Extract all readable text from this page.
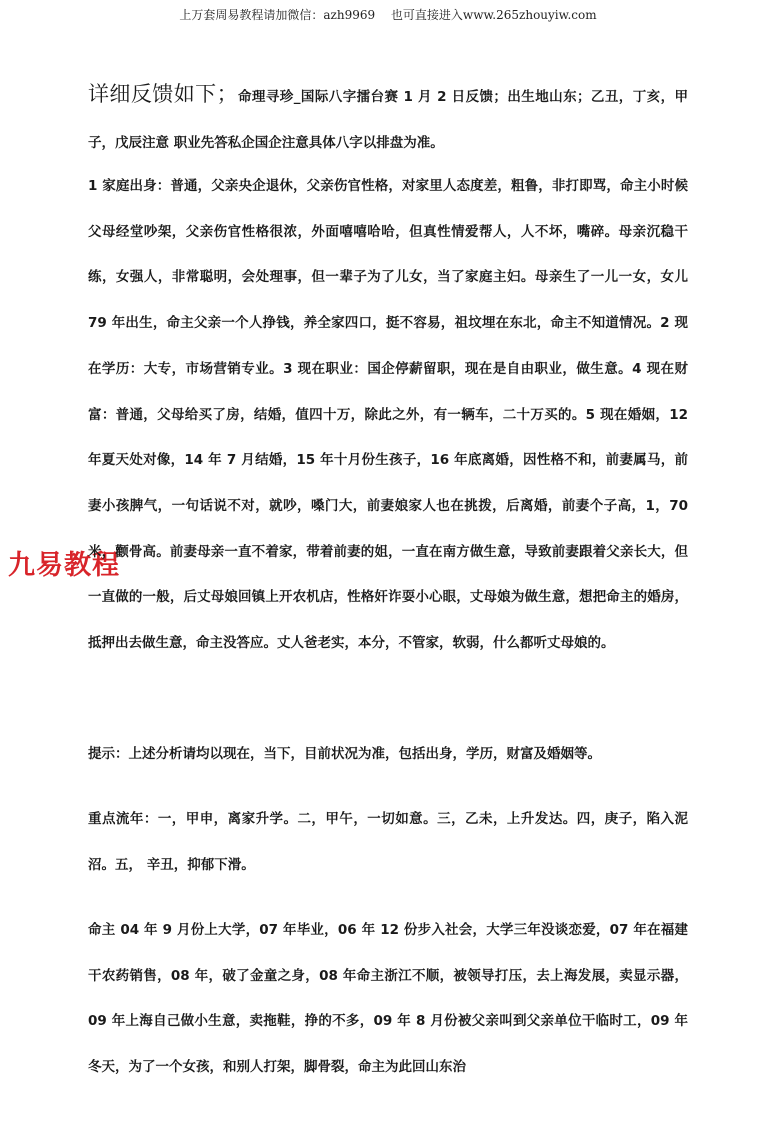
上万套周易教程请加微信：azh9969　 也可直接进入www.265zhouyiw.com
九易教程

详细反馈如下；命理寻珍_国际八字擂台赛 1 月 2 日反馈；出生地山东；乙丑，丁亥，甲子，戊辰注意 职业先答私企国企注意具体八字以排盘为准。

1 家庭出身：普通，父亲央企退休，父亲伤官性格，对家里人态度差，粗鲁，非打即骂，命主小时候父母经堂吵架，父亲伤官性格很浓，外面嘻嘻哈哈，但真性情爱帮人，人不坏，嘴碎。母亲沉稳干练，女强人，非常聪明，会处理事，但一辈子为了儿女，当了家庭主妇。母亲生了一儿一女，女儿 79 年出生，命主父亲一个人挣钱，养全家四口，挺不容易，祖坟埋在东北，命主不知道情况。2 现在学历：大专，市场营销专业。3 现在职业：国企停薪留职，现在是自由职业，做生意。4 现在财富：普通，父母给买了房，结婚，值四十万，除此之外，有一辆车，二十万买的。5 现在婚姻，12 年夏天处对像，14 年 7 月结婚，15 年十月份生孩子，16 年底离婚，因性格不和，前妻属马，前妻小孩脾气，一句话说不对，就吵，嗓门大，前妻娘家人也在挑拨，后离婚，前妻个子高，1，70 米，颧骨高。前妻母亲一直不着家，带着前妻的姐，一直在南方做生意，导致前妻跟着父亲长大，但一直做的一般，后丈母娘回镇上开农机店，性格奸诈耍小心眼，丈母娘为做生意，想把命主的婚房，抵押出去做生意，命主没答应。丈人爸老实，本分，不管家，软弱，什么都听丈母娘的。

提示：上述分析请均以现在，当下，目前状况为准，包括出身，学历，财富及婚姻等。

重点流年：一，甲申，离家升学。二，甲午，一切如意。三，乙未，上升发达。四，庚子，陷入泥沼。五， 辛丑，抑郁下滑。

命主 04 年 9 月份上大学，07 年毕业，06 年 12 份步入社会，大学三年没谈恋爱，07 年在福建干农药销售，08 年，破了金童之身，08 年命主浙江不顺，被领导打压，去上海发展，卖显示器，09 年上海自己做小生意，卖拖鞋，挣的不多，09 年 8 月份被父亲叫到父亲单位干临时工，09 年冬天，为了一个女孩，和别人打架，脚骨裂，命主为此回山东治
